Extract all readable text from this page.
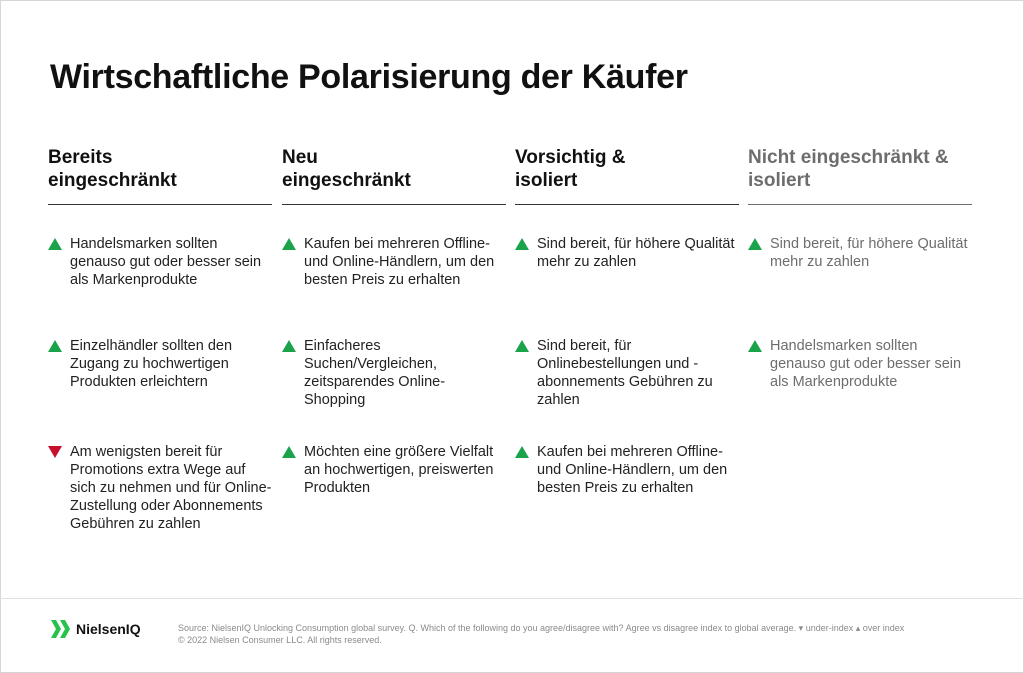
Wirtschaftliche Polarisierung der Käufer
Bereits
eingeschränkt
Handelsmarken sollten genauso gut oder besser sein als Markenprodukte
Einzelhändler sollten den Zugang zu hochwertigen Produkten erleichtern
Am wenigsten bereit für Promotions extra Wege auf sich zu nehmen und für Online-Zustellung oder Abonnements Gebühren zu zahlen
Neu
eingeschränkt
Kaufen bei mehreren Offline- und Online-Händlern, um den besten Preis zu erhalten
Einfacheres Suchen/Vergleichen, zeitsparendes Online-Shopping
Möchten eine größere Vielfalt an hochwertigen, preiswerten Produkten
Vorsichtig &
isoliert
Sind bereit, für höhere Qualität mehr zu zahlen
Sind bereit, für Onlinebestellungen und -abonnements Gebühren zu zahlen
Kaufen bei mehreren Offline- und Online-Händlern, um den besten Preis zu erhalten
Nicht eingeschränkt &
isoliert
Sind bereit, für höhere Qualität mehr zu zahlen
Handelsmarken sollten genauso gut oder besser sein als Markenprodukte
NielsenIQ	Source: NielsenIQ Unlocking Consumption global survey. Q. Which of the following do you agree/disagree with? Agree vs disagree index to global average. ▾ under-index ▴ over index
© 2022 Nielsen Consumer LLC. All rights reserved.
